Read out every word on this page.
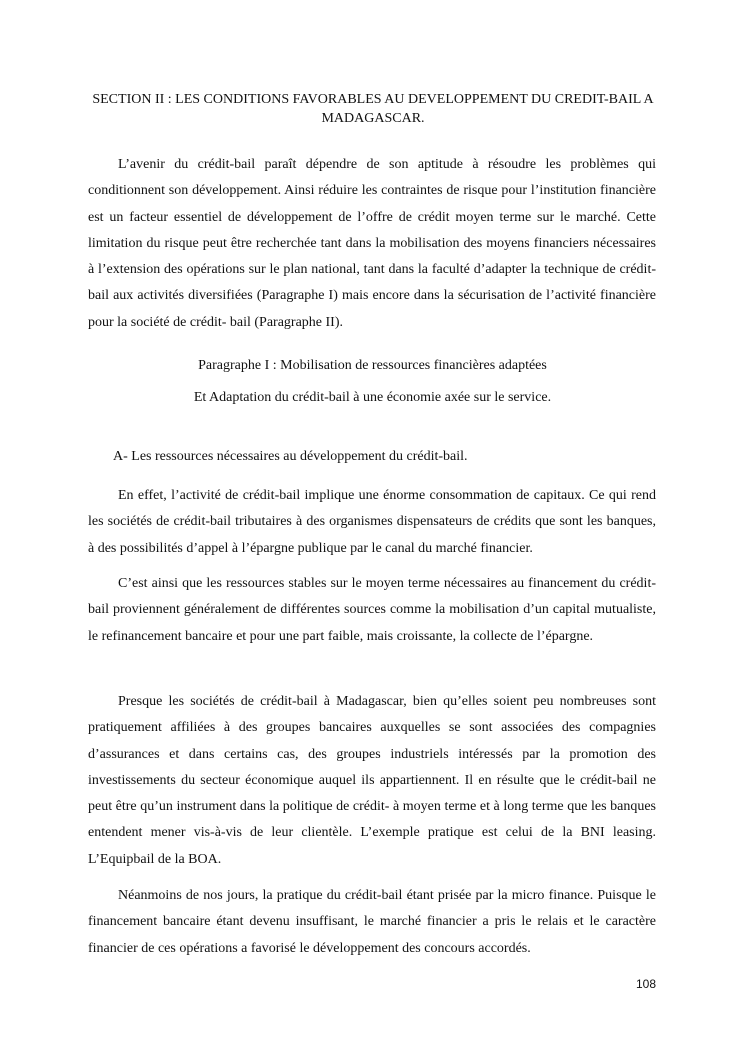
SECTION II : LES CONDITIONS FAVORABLES AU DEVELOPPEMENT DU CREDIT-BAIL A MADAGASCAR.

L’avenir du crédit-bail paraît dépendre de son aptitude à résoudre les problèmes qui conditionnent son développement. Ainsi réduire les contraintes de risque pour l’institution financière est un facteur essentiel de développement de l’offre de crédit moyen terme sur le marché. Cette limitation du risque peut être recherchée tant dans la mobilisation des moyens financiers nécessaires à l’extension des opérations sur le plan national, tant dans la faculté d’adapter la technique de crédit-bail aux activités diversifiées (Paragraphe I) mais encore dans la sécurisation de l’activité financière pour la société de crédit- bail (Paragraphe II).

Paragraphe I : Mobilisation de ressources financières adaptées

Et Adaptation du crédit-bail à une économie axée sur le service.

A- Les ressources nécessaires au développement du crédit-bail.

En effet, l’activité de crédit-bail implique une énorme consommation de capitaux. Ce qui rend les sociétés de crédit-bail tributaires à des organismes dispensateurs de crédits que sont les banques, à des possibilités d’appel à l’épargne publique par le canal du marché financier.

C’est ainsi que les ressources stables sur le moyen terme nécessaires au financement du crédit-bail proviennent généralement de différentes sources comme la mobilisation d’un capital mutualiste, le refinancement bancaire et pour une part faible, mais croissante, la collecte de l’épargne.

Presque les sociétés de crédit-bail à Madagascar, bien qu’elles soient peu nombreuses sont pratiquement affiliées à des groupes bancaires auxquelles se sont associées des compagnies d’assurances et dans certains cas, des groupes industriels intéressés par la promotion des investissements du secteur économique auquel ils appartiennent. Il en résulte que le crédit-bail ne peut être qu’un instrument dans la politique de crédit- à moyen terme et à long terme que les banques entendent mener vis-à-vis de leur clientèle. L’exemple pratique est celui de la BNI leasing. L’Equipbail de la BOA.

Néanmoins de nos jours, la pratique du crédit-bail étant prisée par la micro finance. Puisque le financement bancaire étant devenu insuffisant, le marché financier a pris le relais et le caractère financier de ces opérations a favorisé le développement des concours accordés.

108
